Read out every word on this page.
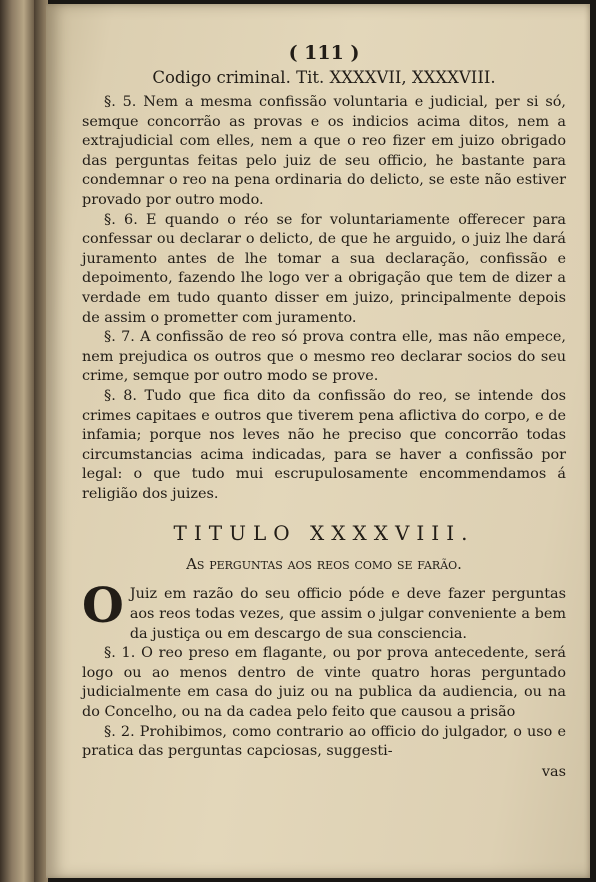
( 111 )
Codigo criminal. Tit. XXXXVII, XXXXVIII.

§. 5. Nem a mesma confissão voluntaria e judicial, per si só, semque concorrão as provas e os indicios acima ditos, nem a extrajudicial com elles, nem a que o reo fizer em juizo obrigado das perguntas feitas pelo juiz de seu officio, he bastante para condemnar o reo na pena ordinaria do delicto, se este não estiver provado por outro modo.

§. 6. E quando o réo se for voluntariamente offerecer para confessar ou declarar o delicto, de que he arguido, o juiz lhe dará juramento antes de lhe tomar a sua declaração, confissão e depoimento, fazendo lhe logo ver a obrigação que tem de dizer a verdade em tudo quanto disser em juizo, principalmente depois de assim o prometter com juramento.

§. 7. A confissão de reo só prova contra elle, mas não empece, nem prejudica os outros que o mesmo reo declarar socios do seu crime, semque por outro modo se prove.

§. 8. Tudo que fica dito da confissão do reo, se intende dos crimes capitaes e outros que tiverem pena aflictiva do corpo, e de infamia; porque nos leves não he preciso que concorrão todas circumstancias acima indicadas, para se haver a confissão por legal: o que tudo mui escrupulosamente encommendamos á religião dos juizes.

TITULO XXXXVIII.
As perguntas aos reos como se farão.

O Juiz em razão do seu officio póde e deve fazer perguntas aos reos todas vezes, que assim o julgar conveniente a bem da justiça ou em descargo de sua consciencia.

§. 1. O reo preso em flagante, ou por prova antecedente, será logo ou ao menos dentro de vinte quatro horas perguntado judicialmente em casa do juiz ou na publica da audiencia, ou na do Concelho, ou na da cadea pelo feito que causou a prisão

§. 2. Prohibimos, como contrario ao officio do julgador, o uso e pratica das perguntas capciosas, suggesti-

vas
